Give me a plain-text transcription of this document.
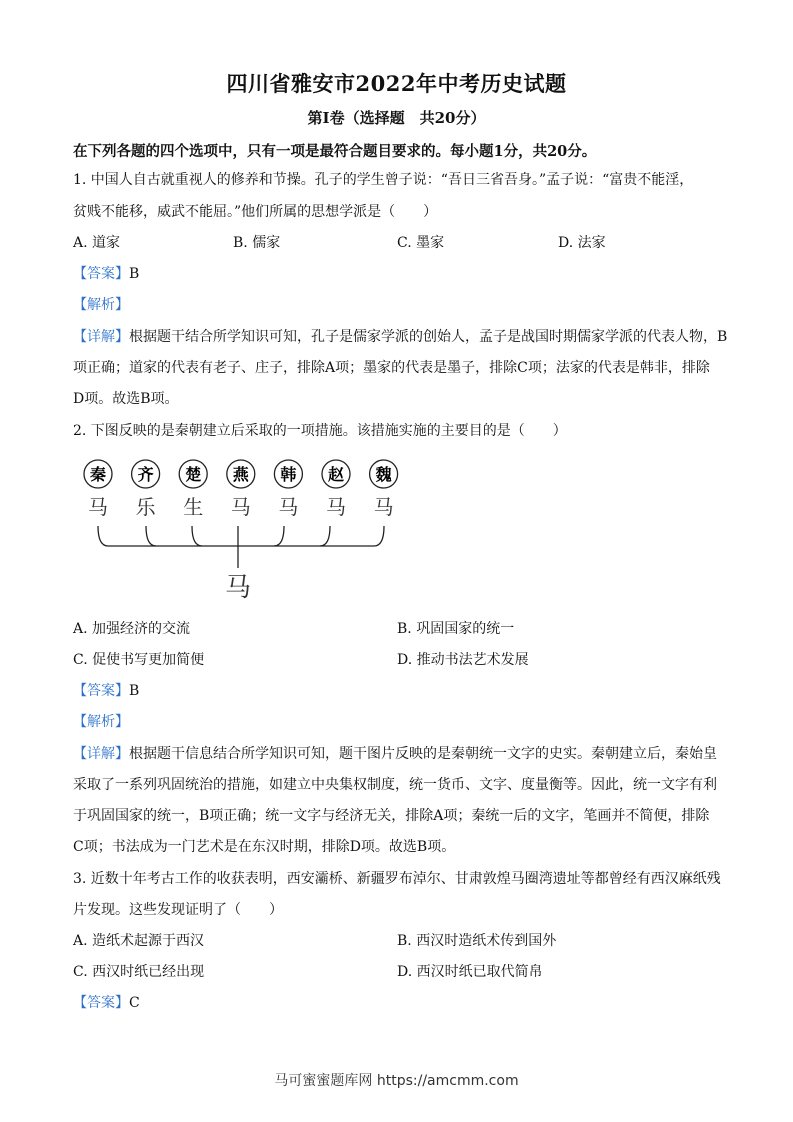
四川省雅安市2022年中考历史试题
第Ⅰ卷（选择题　共20分）
在下列各题的四个选项中，只有一项是最符合题目要求的。每小题1分，共20分。
1. 中国人自古就重视人的修养和节操。孔子的学生曾子说：“吾日三省吾身。”孟子说：“富贵不能淫，
贫贱不能移，威武不能屈。”他们所属的思想学派是（　　）
A. 道家	B. 儒家	C. 墨家	D. 法家
【答案】B
【解析】
【详解】根据题干结合所学知识可知，孔子是儒家学派的创始人，孟子是战国时期儒家学派的代表人物，B
项正确；道家的代表有老子、庄子，排除A项；墨家的代表是墨子，排除C项；法家的代表是韩非，排除
D项。故选B项。
2. 下图反映的是秦朝建立后采取的一项措施。该措施实施的主要目的是（　　）
秦 齐 楚 燕 韩 赵 魏
马 乐 生 马 马 马 马
马
A. 加强经济的交流	B. 巩固国家的统一
C. 促使书写更加简便	D. 推动书法艺术发展
【答案】B
【解析】
【详解】根据题干信息结合所学知识可知，题干图片反映的是秦朝统一文字的史实。秦朝建立后，秦始皇
采取了一系列巩固统治的措施，如建立中央集权制度，统一货币、文字、度量衡等。因此，统一文字有利
于巩固国家的统一，B项正确；统一文字与经济无关，排除A项；秦统一后的文字，笔画并不简便，排除
C项；书法成为一门艺术是在东汉时期，排除D项。故选B项。
3. 近数十年考古工作的收获表明，西安灞桥、新疆罗布淖尔、甘肃敦煌马圈湾遗址等都曾经有西汉麻纸残
片发现。这些发现证明了（　　）
A. 造纸术起源于西汉	B. 西汉时造纸术传到国外
C. 西汉时纸已经出现	D. 西汉时纸已取代简帛
【答案】C
马可蜜蜜题库网 https://amcmm.com
